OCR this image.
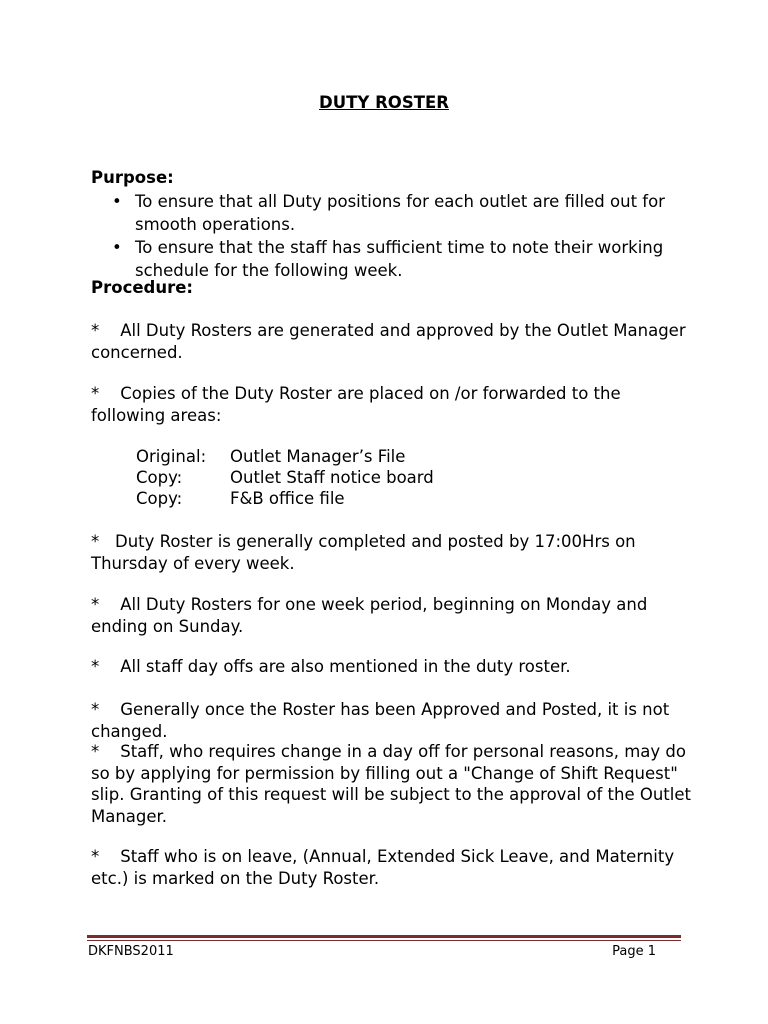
DUTY ROSTER
Purpose:
• To ensure that all Duty positions for each outlet are filled out for smooth operations.
• To ensure that the staff has sufficient time to note their working schedule for the following week.
Procedure:
*    All Duty Rosters are generated and approved by the Outlet Manager concerned.
*    Copies of the Duty Roster are placed on /or forwarded to the following areas:
Original: Outlet Manager’s File
Copy:	Outlet Staff notice board
Copy:	F&B office file
*   Duty Roster is generally completed and posted by 17:00Hrs on Thursday of every week.
*    All Duty Rosters for one week period, beginning on Monday and ending on Sunday.
*    All staff day offs are also mentioned in the duty roster.
*    Generally once the Roster has been Approved and Posted, it is not changed.
*    Staff, who requires change in a day off for personal reasons, may do so by applying for permission by filling out a "Change of Shift Request" slip. Granting of this request will be subject to the approval of the Outlet Manager.
*    Staff who is on leave, (Annual, Extended Sick Leave, and Maternity etc.) is marked on the Duty Roster.
DKFNBS2011	Page 1
